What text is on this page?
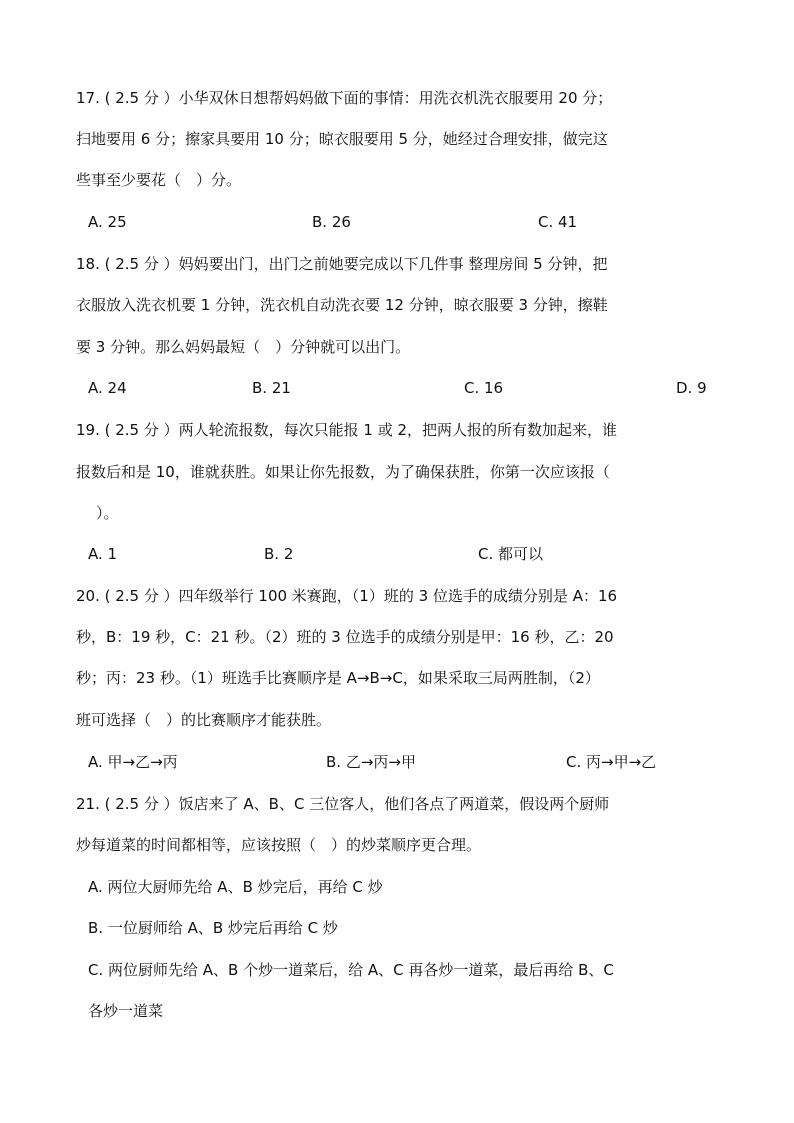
17. ( 2.5 分 ）小华双休日想帮妈妈做下面的事情：用洗衣机洗衣服要用 20 分；
扫地要用 6 分；擦家具要用 10 分；晾衣服要用 5 分，她经过合理安排，做完这
些事至少要花（　）分。
A. 25	B. 26	C. 41
18. ( 2.5 分 ）妈妈要出门，出门之前她要完成以下几件事 整理房间 5 分钟，把
衣服放入洗衣机要 1 分钟，洗衣机自动洗衣要 12 分钟，晾衣服要 3 分钟，擦鞋
要 3 分钟。那么妈妈最短（　）分钟就可以出门。
A. 24	B. 21	C. 16	D. 9
19. ( 2.5 分 ）两人轮流报数，每次只能报 1 或 2，把两人报的所有数加起来，谁
报数后和是 10，谁就获胜。如果让你先报数，为了确保获胜，你第一次应该报（
）。
A. 1	B. 2	C. 都可以
20. ( 2.5 分 ）四年级举行 100 米赛跑，（1）班的 3 位选手的成绩分别是 A：16
秒，B：19 秒，C：21 秒。（2）班的 3 位选手的成绩分别是甲：16 秒，乙：20
秒；丙：23 秒。（1）班选手比赛顺序是 A→B→C，如果采取三局两胜制，（2）
班可选择（　）的比赛顺序才能获胜。
A. 甲→乙→丙	B. 乙→丙→甲	C. 丙→甲→乙
21. ( 2.5 分 ）饭店来了 A、B、C 三位客人，他们各点了两道菜，假设两个厨师
炒每道菜的时间都相等，应该按照（　）的炒菜顺序更合理。
A. 两位大厨师先给 A、B 炒完后，再给 C 炒
B. 一位厨师给 A、B 炒完后再给 C 炒
C. 两位厨师先给 A、B 个炒一道菜后，给 A、C 再各炒一道菜，最后再给 B、C
各炒一道菜
